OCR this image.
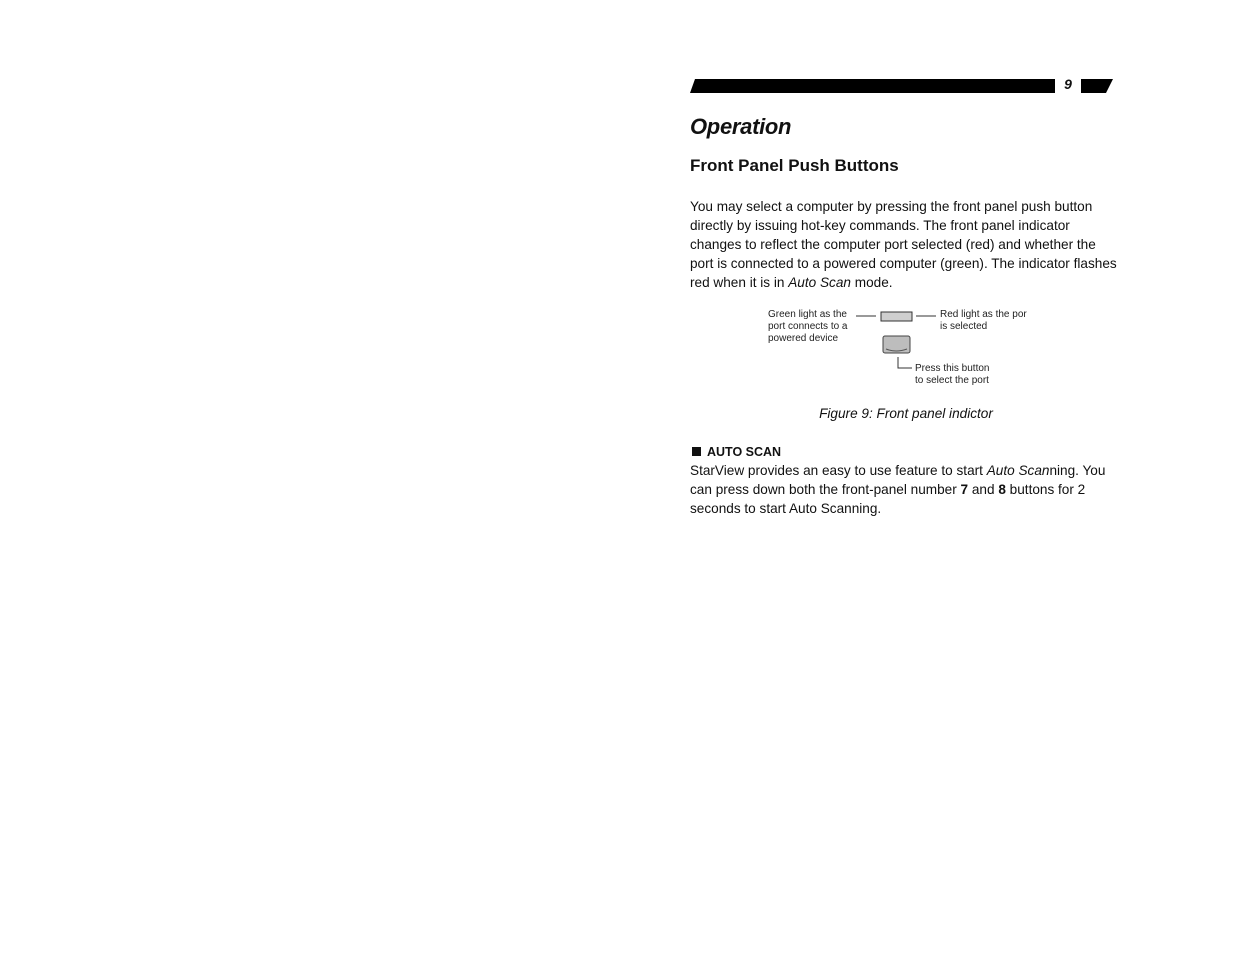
9
Operation
Front Panel Push Buttons

You may select a computer by pressing the front panel push button directly by issuing hot-key commands. The front panel indicator changes to reflect the computer port selected (red) and whether the port is connected to a powered computer (green). The indicator flashes red when it is in Auto Scan mode.

Green light as the
port connects to a
powered device
Red light as the por
is selected
Press this button
to select the port
Figure 9: Front panel indictor
AUTO SCAN

StarView provides an easy to use feature to start Auto Scanning. You can press down both the front-panel number 7 and 8 buttons for 2 seconds to start Auto Scanning.
